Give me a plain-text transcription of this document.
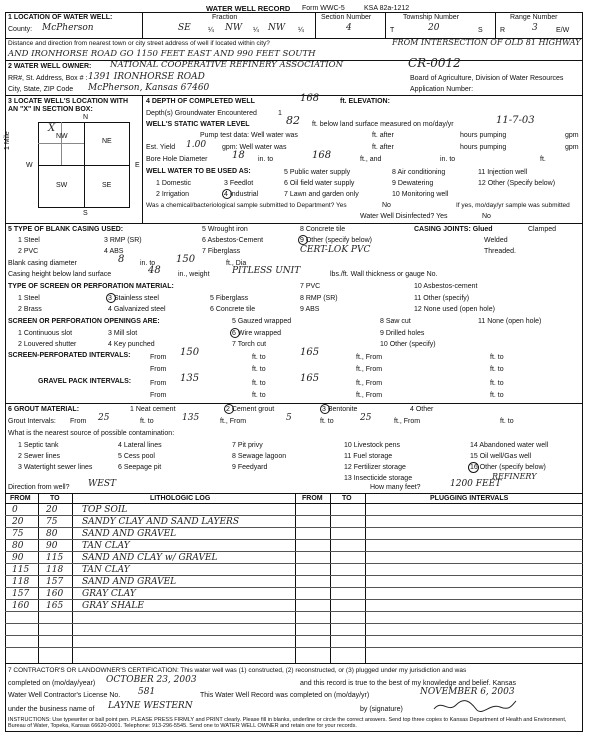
WATER WELL RECORD Form WWC-5	KSA 82a-1212
1 LOCATION OF WATER WELL:
County: McPherson
Fraction
SE ¼ NW ¼ NW ¼
Section Number
4
Township Number
T	20	S
Range Number
R	3	E/W
Distance and direction from nearest town or city street address of well if located within city?	FROM INTERSECTION OF OLD 81 HIGHWAY
AND IRONHORSE ROAD GO 1150 FEET EAST AND 990 FEET SOUTH
2 WATER WELL OWNER: NATIONAL COOPERATIVE REFINERY ASSOCIATION	CR-0012
RR#, St. Address, Box # : 1391 IRONHORSE ROAD	Board of Agriculture, Division of Water Resources
City, State, ZIP Code McPherson, Kansas 67460	Application Number:
3 LOCATE WELL'S LOCATION WITH
AN "X" IN SECTION BOX:
N
S
W	E
1 Mile	NW
X
NE
SW	SE
4 DEPTH OF COMPLETED WELL	168	ft. ELEVATION:
Depth(s) Groundwater Encountered	1
WELL'S STATIC WATER LEVEL	82 ft. below land surface measured on mo/day/yr	11-7-03
Pump test data: Well water was	ft. after	hours pumping	gpm
Est. Yield 1.00 gpm: Well water was	ft. after	hours pumping	gpm
Bore Hole Diameter 18 in. to	168	ft., and	in. to	ft.
WELL WATER TO BE USED AS:
1 Domestic	3 Feedlot
5 Public water supply	8 Air conditioning	11 Injection well
2 Irrigation	4 Industrial
6 Oil field water supply	9 Dewatering	12 Other (Specify below)
7 Lawn and garden only	10 Monitoring well
Was a chemical/bacteriological sample submitted to Department? Yes	No	If yes, mo/day/yr sample was submitted
Water Well Disinfected? Yes	No
5 TYPE OF BLANK CASING USED:
1 Steel	3 RMP (SR)
5 Wrought iron	8 Concrete tile
2 PVC	4 ABS
6 Asbestos-Cement
7 Fiberglass
9 Other (specify below)
CERT-LOK PVC
CASING JOINTS: Glued	Clamped
Welded
Threaded.
Blank casing diameter	8 in. to 150	ft., Dia
Casing height below land surface	48 in., weight PITLESS UNIT	lbs./ft. Wall thickness or gauge No.
TYPE OF SCREEN OR PERFORATION MATERIAL:
1 Steel	3 Stainless steel	5 Fiberglass
7 PVC	10 Asbestos-cement
2 Brass	4 Galvanized steel	6 Concrete tile
8 RMP (SR)	11 Other (specify)
9 ABS	12 None used (open hole)
SCREEN OR PERFORATION OPENINGS ARE:
1 Continuous slot	3 Mill slot
5 Gauzed wrapped
6 Wire wrapped
8 Saw cut
9 Drilled holes
11 None (open hole)
2 Louvered shutter	4 Key punched	7 Torch cut	10 Other (specify)
SCREEN-PERFORATED INTERVALS:	From 150	ft. to	165	ft., From	ft. to
From	ft. to	ft., From	ft. to
GRAVEL PACK INTERVALS:	From 135	ft. to	165	ft., From	ft. to
From	ft. to	ft., From	ft. to
6 GROUT MATERIAL:	1 Neat cement	2 Cement grout	3 Bentonite	4 Other
Grout Intervals: From 25	ft. to	135	ft., From	5	ft. to	25	ft., From	ft. to
What is the nearest source of possible contamination:
1 Septic tank	4 Lateral lines	7 Pit privy	10 Livestock pens	14 Abandoned water well
2 Sewer lines	5 Cess pool	8 Sewage lagoon	11 Fuel storage	15 Oil well/Gas well
3 Watertight sewer lines	6 Seepage pit	9 Feedyard	12 Fertilizer storage
13 Insecticide storage
16 Other (specify below)
REFINERY
Direction from well? WEST	How many feet?	1200 FEET
FROM	TO	LITHOLOGIC LOG	FROM	TO	PLUGGING INTERVALS
0	20	TOP SOIL
20	75	SANDY CLAY AND SAND LAYERS
75	80	SAND AND GRAVEL
80	90	TAN CLAY
90	115 SAND AND CLAY w/ GRAVEL
115 118 TAN CLAY
118 157 SAND AND GRAVEL
157 160 GRAY CLAY
160 165 GRAY SHALE
7 CONTRACTOR'S OR LANDOWNER'S CERTIFICATION: This water well was (1) constructed, (2) reconstructed, or (3) plugged under my jurisdiction and was
completed on (mo/day/year) OCTOBER 23, 2003	and this record is true to the best of my knowledge and belief. Kansas
Water Well Contractor's License No. 581	This Water Well Record was completed on (mo/day/yr)	NOVEMBER 6, 2003
under the business name of LAYNE WESTERN	by (signature)
INSTRUCTIONS: Use typewriter or ball point pen. PLEASE PRESS FIRMLY and PRINT clearly. Please fill in blanks, underline or circle the correct answers. Send top three copies to Kansas Department of Health and Environment, Bureau of Water, Topeka, Kansas 66620-0001. Telephone: 913-296-5545. Send one to WATER WELL OWNER and retain one for your records.
